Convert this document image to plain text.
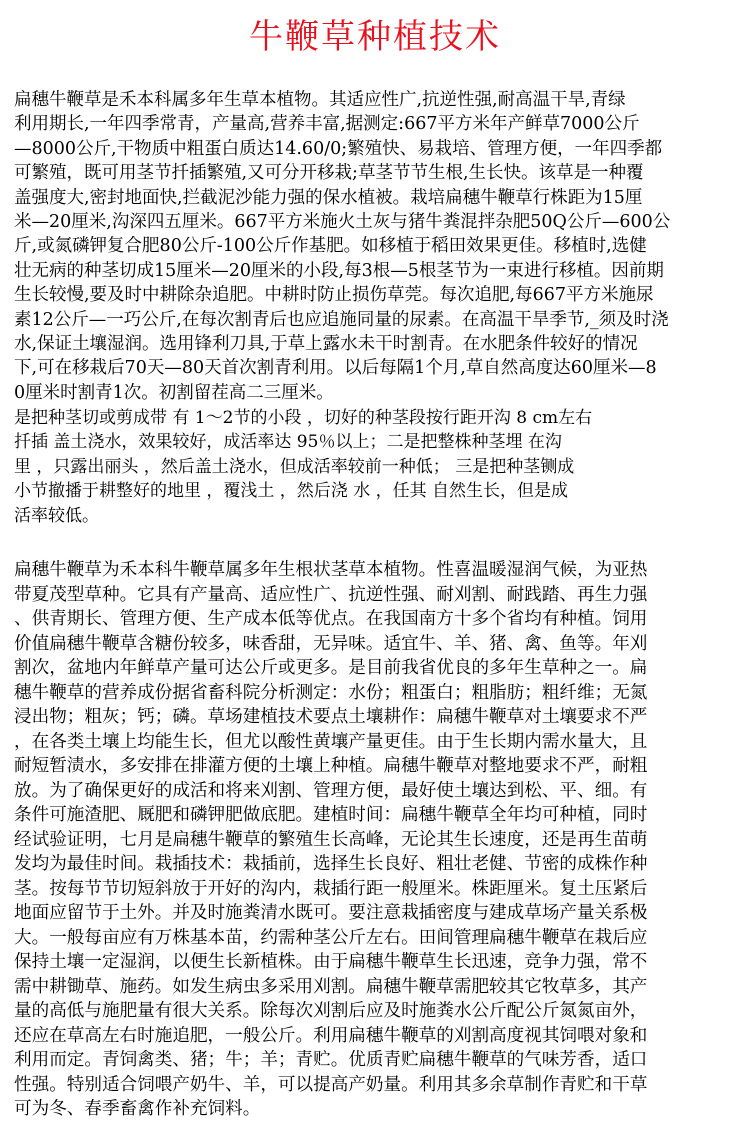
牛鞭草种植技术
扁穗牛鞭草是禾本科属多年生草本植物。其适应性广,抗逆性强,耐高温干旱,青绿
利用期长,一年四季常青，产量高,营养丰富,据测定:667平方米年产鲜草7000公斤
—8000公斤,干物质中粗蛋白质达14.60/0;繁殖快、易栽培、管理方便，一年四季都
可繁殖，既可用茎节扦插繁殖,又可分开移栽;草茎节节生根,生长快。该草是一种覆
盖强度大,密封地面快,拦截泥沙能力强的保水植被。栽培扁穗牛鞭草行株距为15厘
米—20厘米,沟深四五厘米。667平方米施火土灰与猪牛粪混拌杂肥50Q公斤—600公
斤,或氮磷钾复合肥80公斤-100公斤作基肥。如移植于稻田效果更佳。移植时,选健
壮无病的种茎切成15厘米—20厘米的小段,每3根—5根茎节为一束进行移植。因前期
生长较慢,要及时中耕除杂追肥。中耕时防止损伤草莞。每次追肥,每667平方米施尿
素12公斤—一巧公斤,在每次割青后也应追施同量的尿素。在高温干旱季节,_须及时浇
水,保证土壤湿润。选用锋利刀具,于草上露水未干时割青。在水肥条件较好的情况
下,可在移栽后70天—80天首次割青利用。以后每隔1个月,草自然高度达60厘米—8
0厘米时割青1次。初割留茬高二三厘米。
是把种茎切或剪成带 有 1～2节的小段 ，切好的种茎段按行距开沟 8 cm左右
扦插 盖土浇水，效果较好，成活率达 95％以上；二是把整株种茎埋 在沟
里 ，只露出丽头 ，然后盖土浇水，但成活率较前一种低； 三是把种茎铡成
小节撤播于耕整好的地里 ，覆浅土 ，然后浇 水 ，任其 自然生长，但是成
活率较低。
扁穗牛鞭草为禾本科牛鞭草属多年生根状茎草本植物。性喜温暖湿润气候，为亚热
带夏茂型草种。它具有产量高、适应性广、抗逆性强、耐刈割、耐践踏、再生力强
、供青期长、管理方便、生产成本低等优点。在我国南方十多个省均有种植。饲用
价值扁穗牛鞭草含糖份较多，味香甜，无异味。适宜牛、羊、猪、禽、鱼等。年刈
割次，盆地内年鲜草产量可达公斤或更多。是目前我省优良的多年生草种之一。扁
穗牛鞭草的营养成份据省畜科院分析测定：水份；粗蛋白；粗脂肪；粗纤维；无氮
浸出物；粗灰；钙；磷。草场建植技术要点土壤耕作：扁穗牛鞭草对土壤要求不严
，在各类土壤上均能生长，但尤以酸性黄壤产量更佳。由于生长期内需水量大，且
耐短暂渍水，多安排在排灌方便的土壤上种植。扁穗牛鞭草对整地要求不严，耐粗
放。为了确保更好的成活和将来刈割、管理方便，最好使土壤达到松、平、细。有
条件可施渣肥、厩肥和磷钾肥做底肥。建植时间：扁穗牛鞭草全年均可种植，同时
经试验证明，七月是扁穗牛鞭草的繁殖生长高峰，无论其生长速度，还是再生苗萌
发均为最佳时间。栽插技术：栽插前，选择生长良好、粗壮老健、节密的成株作种
茎。按每节节切短斜放于开好的沟内，栽插行距一般厘米。株距厘米。复土压紧后
地面应留节于土外。并及时施粪清水既可。要注意栽插密度与建成草场产量关系极
大。一般每亩应有万株基本苗，约需种茎公斤左右。田间管理扁穗牛鞭草在栽后应
保持土壤一定湿润，以便生长新植株。由于扁穗牛鞭草生长迅速，竞争力强，常不
需中耕锄草、施药。如发生病虫多采用刈割。扁穗牛鞭草需肥较其它牧草多，其产
量的高低与施肥量有很大关系。除每次刈割后应及时施粪水公斤配公斤氮氮亩外，
还应在草高左右时施追肥，一般公斤。利用扁穗牛鞭草的刈割高度视其饲喂对象和
利用而定。青饲禽类、猪；牛；羊；青贮。优质青贮扁穗牛鞭草的气味芳香，适口
性强。特别适合饲喂产奶牛、羊，可以提高产奶量。利用其多余草制作青贮和干草
可为冬、春季畜禽作补充饲料。
